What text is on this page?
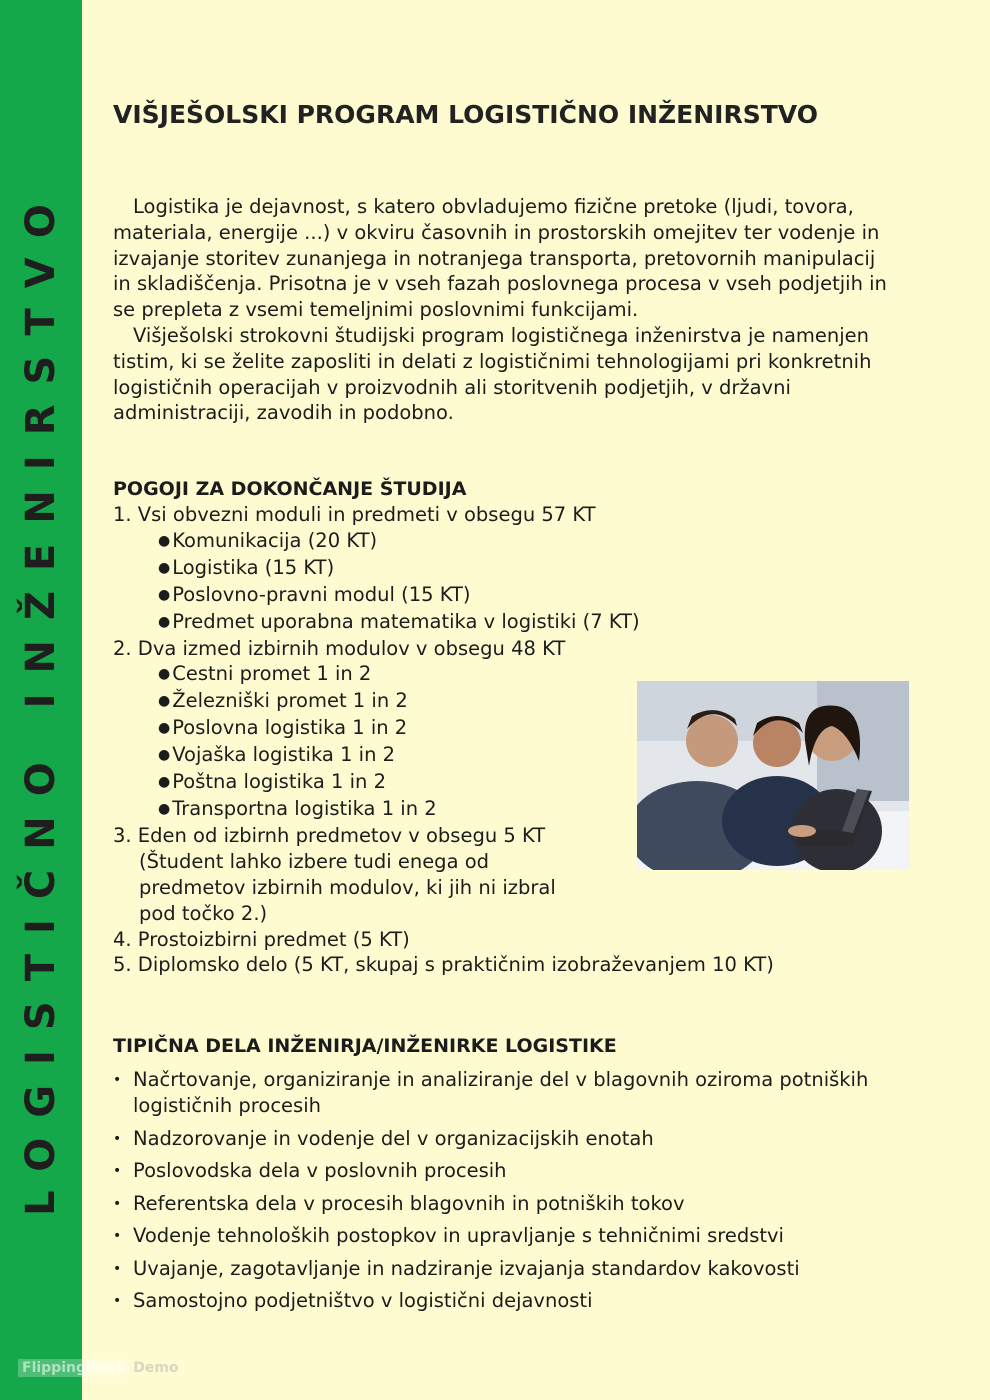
LOGISTIČNO INŽENIRSTVO
VIŠJEŠOLSKI PROGRAM LOGISTIČNO INŽENIRSTVO

Logistika je dejavnost, s katero obvladujemo fizične pretoke (ljudi, tovora, materiala, energije ...) v okviru časovnih in prostorskih omejitev ter vodenje in izvajanje storitev zunanjega in notranjega transporta, pretovornih manipulacij in skladiščenja. Prisotna je v vseh fazah poslovnega procesa v vseh podjetjih in se prepleta z vsemi temeljnimi poslovnimi funkcijami.

Višješolski strokovni študijski program logističnega inženirstva je namenjen tistim, ki se želite zaposliti in delati z logističnimi tehnologijami pri konkretnih logističnih operacijah v proizvodnih ali storitvenih podjetjih, v državni administraciji, zavodih in podobno.

POGOJI ZA DOKONČANJE ŠTUDIJA
1. Vsi obvezni moduli in predmeti v obsegu 57 KT
● Komunikacija (20 KT)
● Logistika (15 KT)
● Poslovno-pravni modul (15 KT)
● Predmet uporabna matematika v logistiki (7 KT)
2. Dva izmed izbirnih modulov v obsegu 48 KT
● Cestni promet 1 in 2
● Železniški promet 1 in 2
● Poslovna logistika 1 in 2
● Vojaška logistika 1 in 2
● Poštna logistika 1 in 2
● Transportna logistika 1 in 2
3. Eden od izbirnh predmetov v obsegu 5 KT
(Študent lahko izbere tudi enega od
predmetov izbirnih modulov, ki jih ni izbral
pod točko 2.)
4. Prostoizbirni predmet (5 KT)
5. Diplomsko delo (5 KT, skupaj s praktičnim izobraževanjem 10 KT)
TIPIČNA DELA INŽENIRJA/INŽENIRKE LOGISTIKE
• Načrtovanje, organiziranje in analiziranje del v blagovnih oziroma potniških logističnih procesih
• Nadzorovanje in vodenje del v organizacijskih enotah
• Poslovodska dela v poslovnih procesih
• Referentska dela v procesih blagovnih in potniških tokov
• Vodenje tehnoloških postopkov in upravljanje s tehničnimi sredstvi
• Uvajanje, zagotavljanje in nadziranje izvajanja standardov kakovosti
• Samostojno podjetništvo v logistični dejavnosti
FlippingBook Demo
